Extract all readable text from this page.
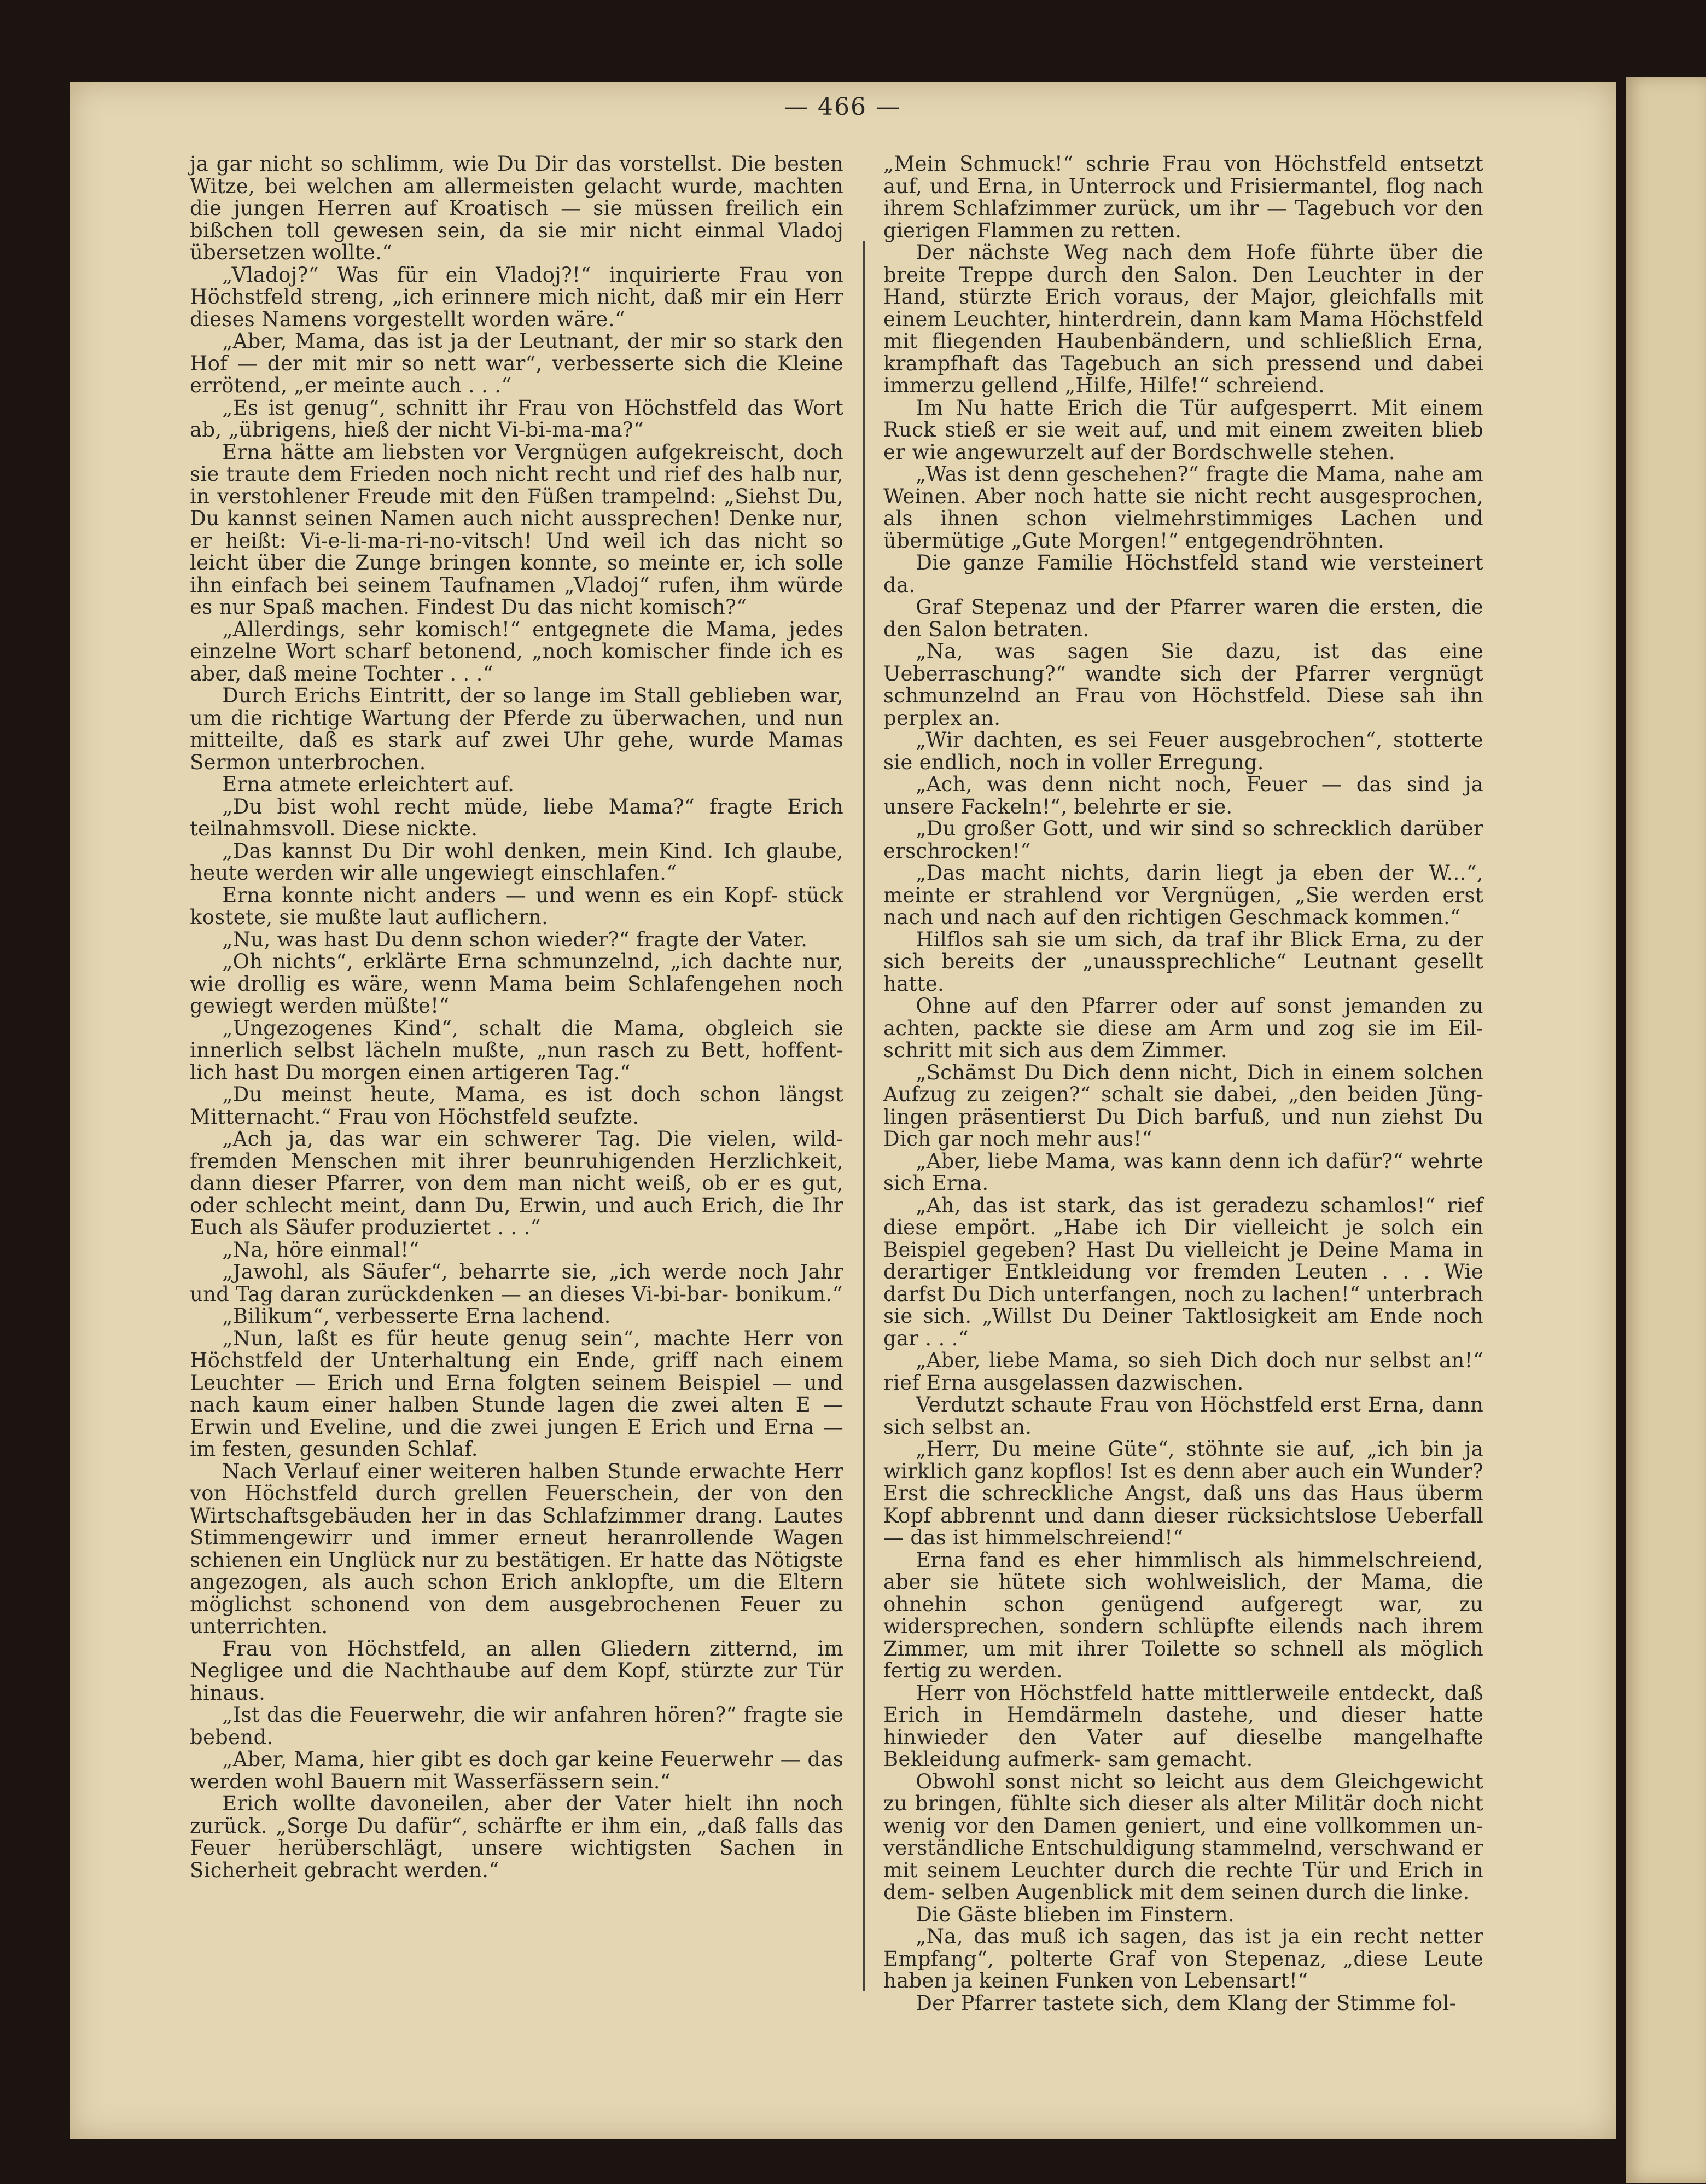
— 466 —

ja gar nicht so schlimm, wie Du Dir das vorstellst. Die besten Witze, bei welchen am allermeisten gelacht wurde, machten die jungen Herren auf Kroatisch — sie müssen freilich ein bißchen toll gewesen sein, da sie mir nicht einmal Vladoj übersetzen wollte.“

„Vladoj?“ Was für ein Vladoj?!“ inquirierte Frau von Höchstfeld streng, „ich erinnere mich nicht, daß mir ein Herr dieses Namens vorgestellt worden wäre.“

„Aber, Mama, das ist ja der Leutnant, der mir so stark den Hof — der mit mir so nett war“, verbesserte sich die Kleine errötend, „er meinte auch . . .“

„Es ist genug“, schnitt ihr Frau von Höchstfeld das Wort ab, „übrigens, hieß der nicht Vi-bi-ma-ma?“

Erna hätte am liebsten vor Vergnügen aufgekreischt, doch sie traute dem Frieden noch nicht recht und rief des halb nur, in verstohlener Freude mit den Füßen trampelnd: „Siehst Du, Du kannst seinen Namen auch nicht aussprechen! Denke nur, er heißt: Vi-e-li-ma-ri-no-vitsch! Und weil ich das nicht so leicht über die Zunge bringen konnte, so meinte er, ich solle ihn einfach bei seinem Taufnamen „Vladoj“ rufen, ihm würde es nur Spaß machen. Findest Du das nicht komisch?“

„Allerdings, sehr komisch!“ entgegnete die Mama, jedes einzelne Wort scharf betonend, „noch komischer finde ich es aber, daß meine Tochter . . .“

Durch Erichs Eintritt, der so lange im Stall geblieben war, um die richtige Wartung der Pferde zu überwachen, und nun mitteilte, daß es stark auf zwei Uhr gehe, wurde Mamas Sermon unterbrochen.

Erna atmete erleichtert auf.

„Du bist wohl recht müde, liebe Mama?“ fragte Erich teilnahmsvoll. Diese nickte.

„Das kannst Du Dir wohl denken, mein Kind. Ich glaube, heute werden wir alle ungewiegt einschlafen.“

Erna konnte nicht anders — und wenn es ein Kopf- stück kostete, sie mußte laut auflichern.

„Nu, was hast Du denn schon wieder?“ fragte der Vater.

„Oh nichts“, erklärte Erna schmunzelnd, „ich dachte nur, wie drollig es wäre, wenn Mama beim Schlafengehen noch gewiegt werden müßte!“

„Ungezogenes Kind“, schalt die Mama, obgleich sie innerlich selbst lächeln mußte, „nun rasch zu Bett, hoffent- lich hast Du morgen einen artigeren Tag.“

„Du meinst heute, Mama, es ist doch schon längst Mitternacht.“ Frau von Höchstfeld seufzte.

„Ach ja, das war ein schwerer Tag. Die vielen, wild- fremden Menschen mit ihrer beunruhigenden Herzlichkeit, dann dieser Pfarrer, von dem man nicht weiß, ob er es gut, oder schlecht meint, dann Du, Erwin, und auch Erich, die Ihr Euch als Säufer produziertet . . .“

„Na, höre einmal!“

„Jawohl, als Säufer“, beharrte sie, „ich werde noch Jahr und Tag daran zurückdenken — an dieses Vi-bi-bar- bonikum.“

„Bilikum“, verbesserte Erna lachend.

„Nun, laßt es für heute genug sein“, machte Herr von Höchstfeld der Unterhaltung ein Ende, griff nach einem Leuchter — Erich und Erna folgten seinem Beispiel — und nach kaum einer halben Stunde lagen die zwei alten E — Erwin und Eveline, und die zwei jungen E Erich und Erna — im festen, gesunden Schlaf.

Nach Verlauf einer weiteren halben Stunde erwachte Herr von Höchstfeld durch grellen Feuerschein, der von den Wirtschaftsgebäuden her in das Schlafzimmer drang. Lautes Stimmengewirr und immer erneut heranrollende Wagen schienen ein Unglück nur zu bestätigen. Er hatte das Nötigste angezogen, als auch schon Erich anklopfte, um die Eltern möglichst schonend von dem ausgebrochenen Feuer zu unterrichten.

Frau von Höchstfeld, an allen Gliedern zitternd, im Negligee und die Nachthaube auf dem Kopf, stürzte zur Tür hinaus.

„Ist das die Feuerwehr, die wir anfahren hören?“ fragte sie bebend.

„Aber, Mama, hier gibt es doch gar keine Feuerwehr — das werden wohl Bauern mit Wasserfässern sein.“

Erich wollte davoneilen, aber der Vater hielt ihn noch zurück. „Sorge Du dafür“, schärfte er ihm ein, „daß falls das Feuer herüberschlägt, unsere wichtigsten Sachen in Sicherheit gebracht werden.“

„Mein Schmuck!“ schrie Frau von Höchstfeld entsetzt auf, und Erna, in Unterrock und Frisiermantel, flog nach ihrem Schlafzimmer zurück, um ihr — Tagebuch vor den gierigen Flammen zu retten.

Der nächste Weg nach dem Hofe führte über die breite Treppe durch den Salon. Den Leuchter in der Hand, stürzte Erich voraus, der Major, gleichfalls mit einem Leuchter, hinterdrein, dann kam Mama Höchstfeld mit fliegenden Haubenbändern, und schließlich Erna, krampfhaft das Tagebuch an sich pressend und dabei immerzu gellend „Hilfe, Hilfe!“ schreiend.

Im Nu hatte Erich die Tür aufgesperrt. Mit einem Ruck stieß er sie weit auf, und mit einem zweiten blieb er wie angewurzelt auf der Bordschwelle stehen.

„Was ist denn geschehen?“ fragte die Mama, nahe am Weinen. Aber noch hatte sie nicht recht ausgesprochen, als ihnen schon vielmehrstimmiges Lachen und übermütige „Gute Morgen!“ entgegendröhnten.

Die ganze Familie Höchstfeld stand wie versteinert da.

Graf Stepenaz und der Pfarrer waren die ersten, die den Salon betraten.

„Na, was sagen Sie dazu, ist das eine Ueberraschung?“ wandte sich der Pfarrer vergnügt schmunzelnd an Frau von Höchstfeld. Diese sah ihn perplex an.

„Wir dachten, es sei Feuer ausgebrochen“, stotterte sie endlich, noch in voller Erregung.

„Ach, was denn nicht noch, Feuer — das sind ja unsere Fackeln!“, belehrte er sie.

„Du großer Gott, und wir sind so schrecklich darüber erschrocken!“

„Das macht nichts, darin liegt ja eben der W...“, meinte er strahlend vor Vergnügen, „Sie werden erst nach und nach auf den richtigen Geschmack kommen.“

Hilflos sah sie um sich, da traf ihr Blick Erna, zu der sich bereits der „unaussprechliche“ Leutnant gesellt hatte.

Ohne auf den Pfarrer oder auf sonst jemanden zu achten, packte sie diese am Arm und zog sie im Eil- schritt mit sich aus dem Zimmer.

„Schämst Du Dich denn nicht, Dich in einem solchen Aufzug zu zeigen?“ schalt sie dabei, „den beiden Jüng- lingen präsentierst Du Dich barfuß, und nun ziehst Du Dich gar noch mehr aus!“

„Aber, liebe Mama, was kann denn ich dafür?“ wehrte sich Erna.

„Ah, das ist stark, das ist geradezu schamlos!“ rief diese empört. „Habe ich Dir vielleicht je solch ein Beispiel gegeben? Hast Du vielleicht je Deine Mama in derartiger Entkleidung vor fremden Leuten . . . Wie darfst Du Dich unterfangen, noch zu lachen!“ unterbrach sie sich. „Willst Du Deiner Taktlosigkeit am Ende noch gar . . .“

„Aber, liebe Mama, so sieh Dich doch nur selbst an!“ rief Erna ausgelassen dazwischen.

Verdutzt schaute Frau von Höchstfeld erst Erna, dann sich selbst an.

„Herr, Du meine Güte“, stöhnte sie auf, „ich bin ja wirklich ganz kopflos! Ist es denn aber auch ein Wunder? Erst die schreckliche Angst, daß uns das Haus überm Kopf abbrennt und dann dieser rücksichtslose Ueberfall — das ist himmelschreiend!“

Erna fand es eher himmlisch als himmelschreiend, aber sie hütete sich wohlweislich, der Mama, die ohnehin schon genügend aufgeregt war, zu widersprechen, sondern schlüpfte eilends nach ihrem Zimmer, um mit ihrer Toilette so schnell als möglich fertig zu werden.

Herr von Höchstfeld hatte mittlerweile entdeckt, daß Erich in Hemdärmeln dastehe, und dieser hatte hinwieder den Vater auf dieselbe mangelhafte Bekleidung aufmerk- sam gemacht.

Obwohl sonst nicht so leicht aus dem Gleichgewicht zu bringen, fühlte sich dieser als alter Militär doch nicht wenig vor den Damen geniert, und eine vollkommen un- verständliche Entschuldigung stammelnd, verschwand er mit seinem Leuchter durch die rechte Tür und Erich in dem- selben Augenblick mit dem seinen durch die linke.

Die Gäste blieben im Finstern.

„Na, das muß ich sagen, das ist ja ein recht netter Empfang“, polterte Graf von Stepenaz, „diese Leute haben ja keinen Funken von Lebensart!“

Der Pfarrer tastete sich, dem Klang der Stimme fol-
